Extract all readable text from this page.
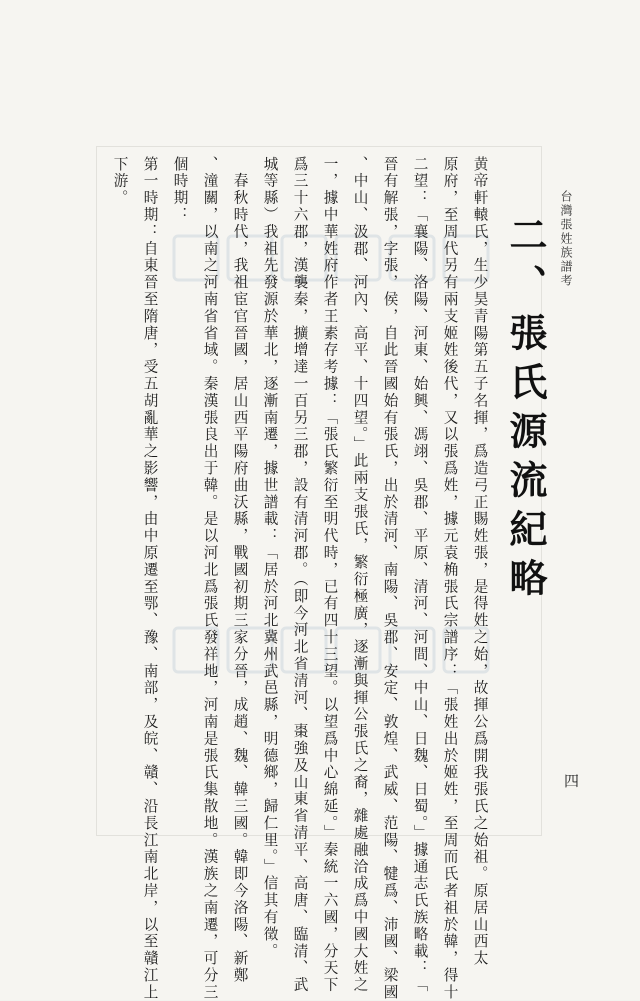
台灣張姓族譜考
二、張氏源流紀略
黄帝軒轅氏，生少昊青陽第五子名揮，爲造弓正賜姓張，是得姓之始，故揮公爲開我張氏之始祖。原居山西太
原府，至周代另有兩支姬姓後代，又以張爲姓，據元袁桷張氏宗譜序：「張姓出於姬姓，至周而氏者祖於韓，得十
二望：「襄陽、洛陽、河東、始興、馮翊、吳郡、平原、清河、河間、中山、日魏、日蜀。」據通志氏族略載：「
晉有解張，字張，侯，自此晉國始有張氏，出於清河、南陽、吳郡、安定、敦煌、武威、范陽、犍爲、沛國、梁國
、中山、汲郡、河內、高平、十四望。」此兩支張氏，繁衍極廣，逐漸與揮公張氏之裔，雜處融洽成爲中國大姓之
一，據中華姓府作者王素存考據：「張氏繁衍至明代時，已有四十三望。以望爲中心綿延。」秦統一六國，分天下
爲三十六郡，漢襲秦，擴增達一百另三郡，設有清河郡。（即今河北省清河、棗強及山東省清平、高唐、臨清、武
城等縣）我祖先發源於華北，逐漸南遷，據世譜載：「居於河北冀州武邑縣，明德鄉，歸仁里。」信其有徵。
　春秋時代，我祖宦官晉國，居山西平陽府曲沃縣，戰國初期三家分晉，成趙、魏、韓三國。韓即今洛陽、新鄭
、潼關，以南之河南省省域。秦漢張良出于韓。是以河北爲張氏發祥地，河南是張氏集散地。漢族之南遷，可分三
個時期：
第一時期：自東晉至隋唐，受五胡亂華之影響，由中原遷至鄂、豫、南部，及皖、贛、沿長江南北岸，以至贛江上
下游。
四
